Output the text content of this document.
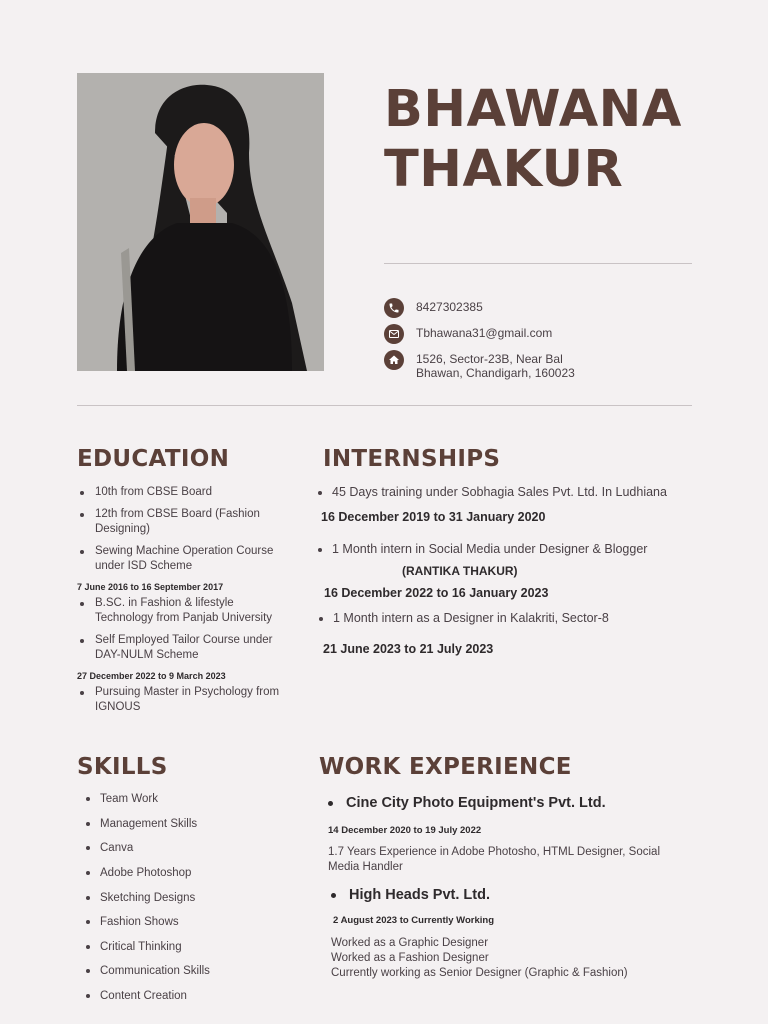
BHAWANA
THAKUR
8427302385
Tbhawana31@gmail.com
1526, Sector-23B, Near Bal
Bhawan, Chandigarh, 160023
EDUCATION
10th from CBSE Board
12th from CBSE Board (Fashion Designing)
Sewing Machine Operation Course under ISD Scheme
7 June 2016 to 16 September 2017
B.SC. in Fashion & lifestyle Technology from Panjab University
Self Employed Tailor Course under DAY-NULM Scheme
27 December 2022 to 9 March 2023
Pursuing Master in Psychology from IGNOUS
INTERNSHIPS
45 Days training under Sobhagia Sales Pvt. Ltd. In Ludhiana
16 December 2019 to 31 January 2020
1 Month intern in Social Media under Designer & Blogger
(RANTIKA THAKUR)
16 December 2022 to 16 January 2023
1 Month intern as a Designer in Kalakriti, Sector-8
21 June 2023 to 21 July 2023
SKILLS
Team Work
Management Skills
Canva
Adobe Photoshop
Sketching Designs
Fashion Shows
Critical Thinking
Communication Skills
Content Creation
WORK EXPERIENCE
Cine City Photo Equipment's Pvt. Ltd.
14 December 2020 to 19 July 2022
1.7 Years Experience in Adobe Photosho, HTML Designer, Social
Media Handler
High Heads Pvt. Ltd.
2 August 2023 to Currently Working
Worked as a Graphic Designer
Worked as a Fashion Designer
Currently working as Senior Designer (Graphic & Fashion)
